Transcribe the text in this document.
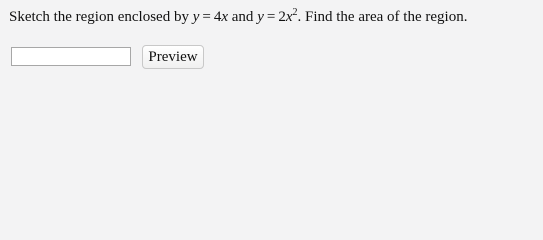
Sketch the region enclosed by y = 4x and $y = 2x^2$. Find the area of the region.
Preview
